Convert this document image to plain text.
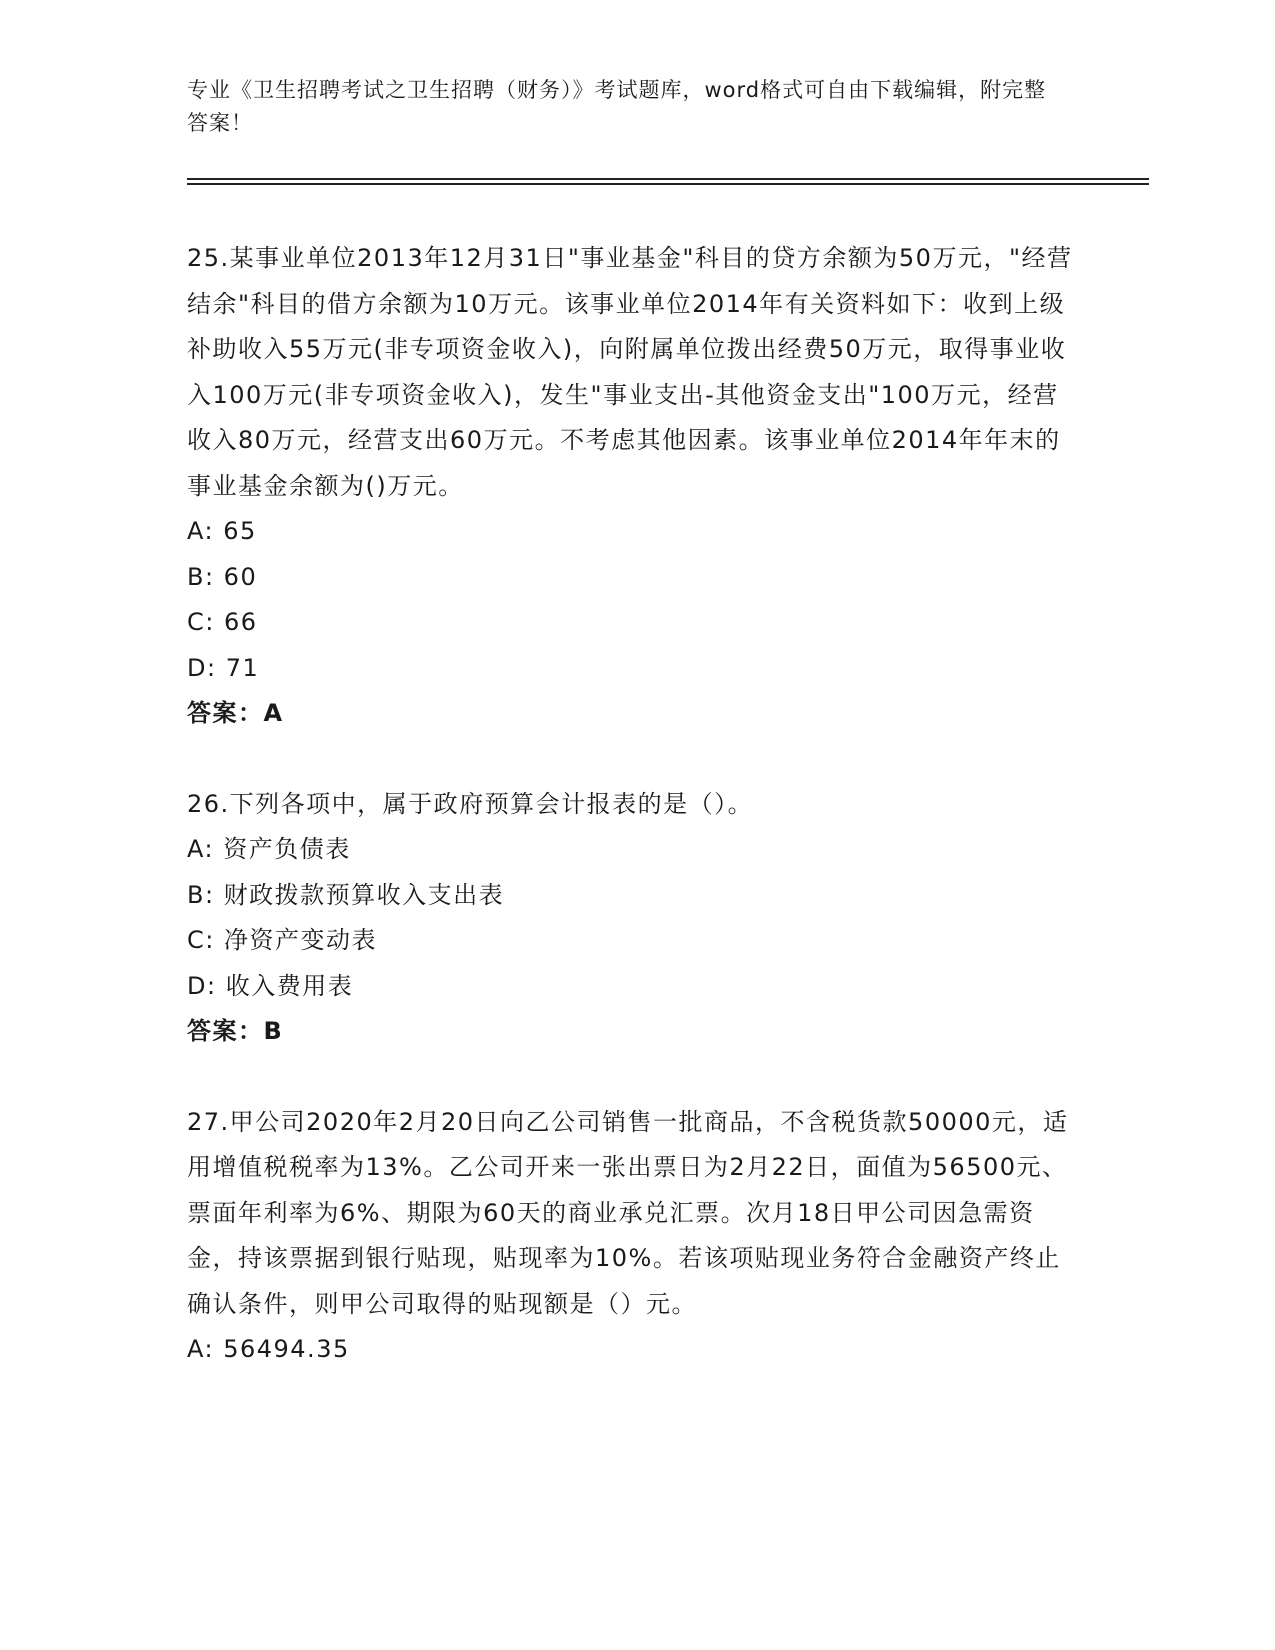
专业《卫生招聘考试之卫生招聘（财务）》考试题库，word格式可自由下载编辑，附完整答案！

25.某事业单位2013年12月31日"事业基金"科目的贷方余额为50万元，"经营结余"科目的借方余额为10万元。该事业单位2014年有关资料如下：收到上级补助收入55万元(非专项资金收入)，向附属单位拨出经费50万元，取得事业收入100万元(非专项资金收入)，发生"事业支出-其他资金支出"100万元，经营收入80万元，经营支出60万元。不考虑其他因素。该事业单位2014年年末的事业基金余额为()万元。

A: 65

B: 60

C: 66

D: 71

答案：A

26.下列各项中，属于政府预算会计报表的是（）。

A: 资产负债表

B: 财政拨款预算收入支出表

C: 净资产变动表

D: 收入费用表

答案：B

27.甲公司2020年2月20日向乙公司销售一批商品，不含税货款50000元，适用增值税税率为13%。乙公司开来一张出票日为2月22日，面值为56500元、票面年利率为6%、期限为60天的商业承兑汇票。次月18日甲公司因急需资金，持该票据到银行贴现，贴现率为10%。若该项贴现业务符合金融资产终止确认条件，则甲公司取得的贴现额是（）元。

A: 56494.35
